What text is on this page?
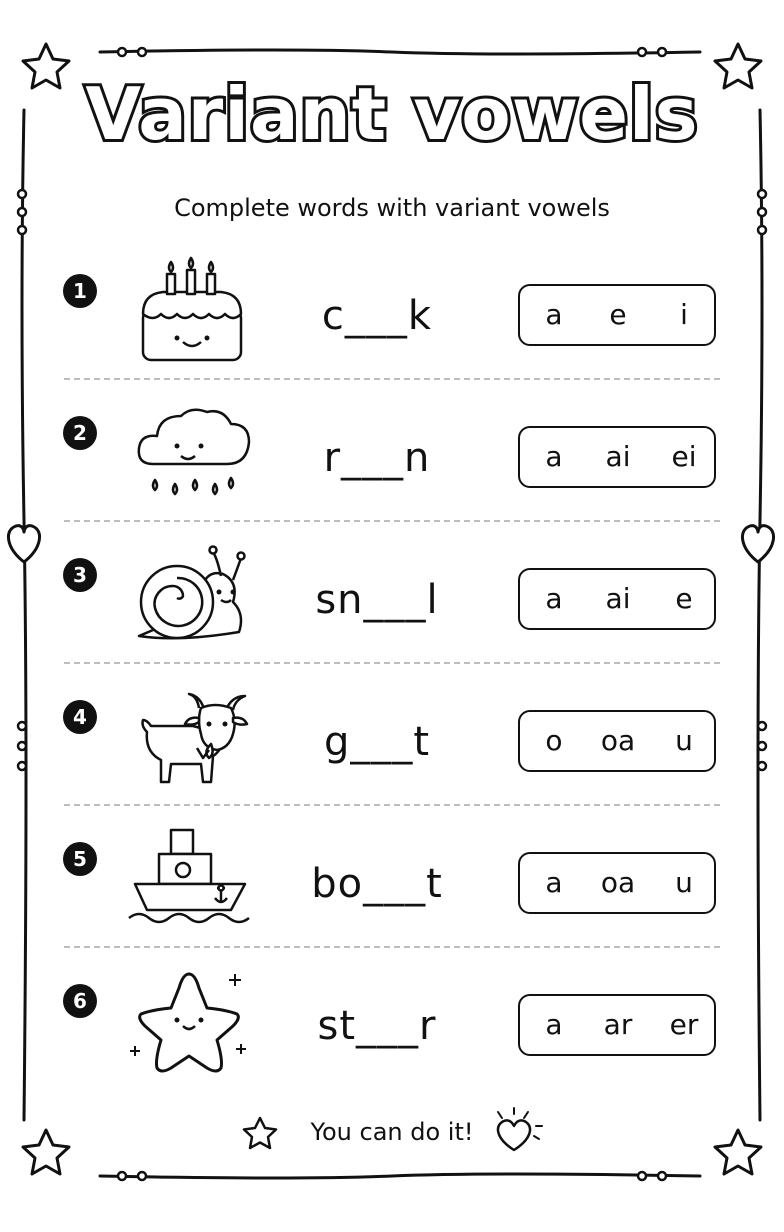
Variant vowels
Complete words with variant vowels
1
c___k	a	e	i
2
r___n	a	ai	ei
3
sn___l	a	ai	e
4
g___t	o	oa	u
5
bo___t	a	oa	u
6
st___r	a	ar	er
You can do it!
